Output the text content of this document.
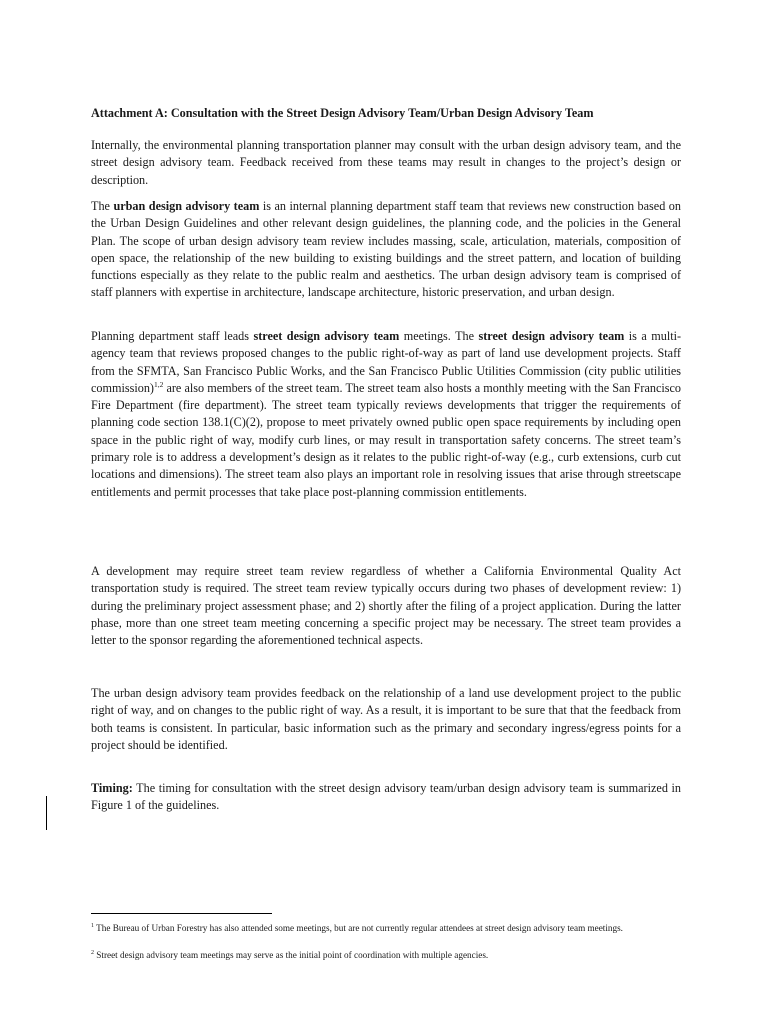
Attachment A: Consultation with the Street Design Advisory Team/Urban Design Advisory Team

Internally, the environmental planning transportation planner may consult with the urban design advisory team, and the street design advisory team. Feedback received from these teams may result in changes to the project’s design or description.

The urban design advisory team is an internal planning department staff team that reviews new construction based on the Urban Design Guidelines and other relevant design guidelines, the planning code, and the policies in the General Plan. The scope of urban design advisory team review includes massing, scale, articulation, materials, composition of open space, the relationship of the new building to existing buildings and the street pattern, and location of building functions especially as they relate to the public realm and aesthetics. The urban design advisory team is comprised of staff planners with expertise in architecture, landscape architecture, historic preservation, and urban design.

Planning department staff leads street design advisory team meetings. The street design advisory team is a multi-agency team that reviews proposed changes to the public right-of-way as part of land use development projects. Staff from the SFMTA, San Francisco Public Works, and the San Francisco Public Utilities Commission (city public utilities commission)$^{1,2}$ are also members of the street team. The street team also hosts a monthly meeting with the San Francisco Fire Department (fire department). The street team typically reviews developments that trigger the requirements of planning code section 138.1(C)(2), propose to meet privately owned public open space requirements by including open space in the public right of way, modify curb lines, or may result in transportation safety concerns. The street team’s primary role is to address a development’s design as it relates to the public right-of-way (e.g., curb extensions, curb cut locations and dimensions). The street team also plays an important role in resolving issues that arise through streetscape entitlements and permit processes that take place post-planning commission entitlements.

A development may require street team review regardless of whether a California Environmental Quality Act transportation study is required. The street team review typically occurs during two phases of development review: 1) during the preliminary project assessment phase; and 2) shortly after the filing of a project application. During the latter phase, more than one street team meeting concerning a specific project may be necessary. The street team provides a letter to the sponsor regarding the aforementioned technical aspects.

The urban design advisory team provides feedback on the relationship of a land use development project to the public right of way, and on changes to the public right of way. As a result, it is important to be sure that that the feedback from both teams is consistent. In particular, basic information such as the primary and secondary ingress/egress points for a project should be identified.

Timing: The timing for consultation with the street design advisory team/urban design advisory team is summarized in Figure 1 of the guidelines.

$^1$ The Bureau of Urban Forestry has also attended some meetings, but are not currently regular attendees at street design advisory team meetings.

$^2$ Street design advisory team meetings may serve as the initial point of coordination with multiple agencies.
